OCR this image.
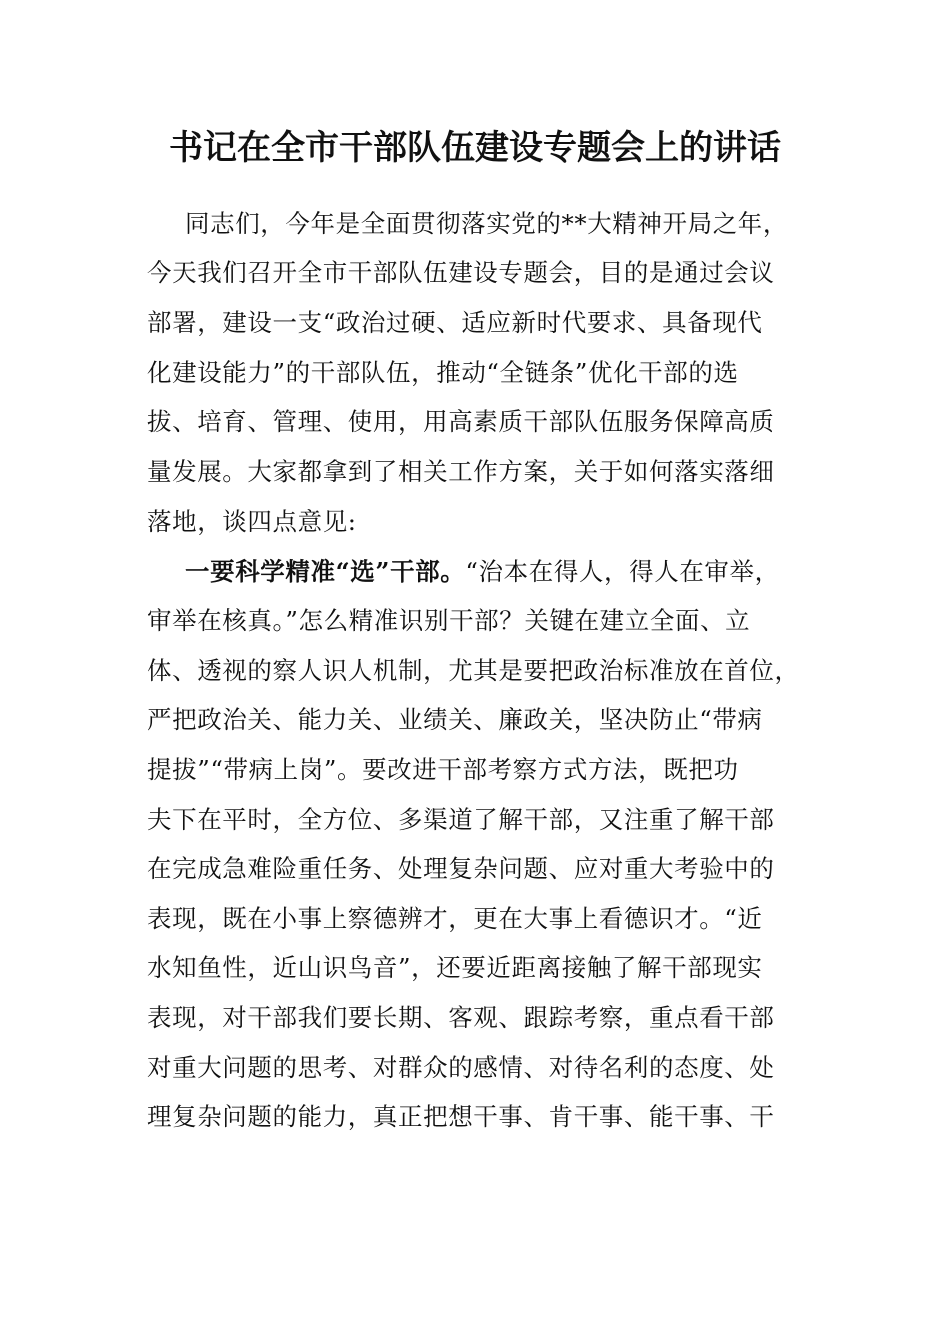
书记在全市干部队伍建设专题会上的讲话
同志们，今年是全面贯彻落实党的**大精神开局之年，
今天我们召开全市干部队伍建设专题会，目的是通过会议
部署，建设一支“政治过硬、适应新时代要求、具备现代
化建设能力”的干部队伍，推动“全链条”优化干部的选
拔、培育、管理、使用，用高素质干部队伍服务保障高质
量发展。大家都拿到了相关工作方案，关于如何落实落细
落地，谈四点意见:
一要科学精准“选”干部。“治本在得人，得人在审举，
审举在核真。”怎么精准识别干部？关键在建立全面、立
体、透视的察人识人机制，尤其是要把政治标准放在首位，
严把政治关、能力关、业绩关、廉政关，坚决防止“带病
提拔”“带病上岗”。要改进干部考察方式方法，既把功
夫下在平时，全方位、多渠道了解干部，又注重了解干部
在完成急难险重任务、处理复杂问题、应对重大考验中的
表现，既在小事上察德辨才，更在大事上看德识才。“近
水知鱼性，近山识鸟音”，还要近距离接触了解干部现实
表现，对干部我们要长期、客观、跟踪考察，重点看干部
对重大问题的思考、对群众的感情、对待名利的态度、处
理复杂问题的能力，真正把想干事、肯干事、能干事、干
